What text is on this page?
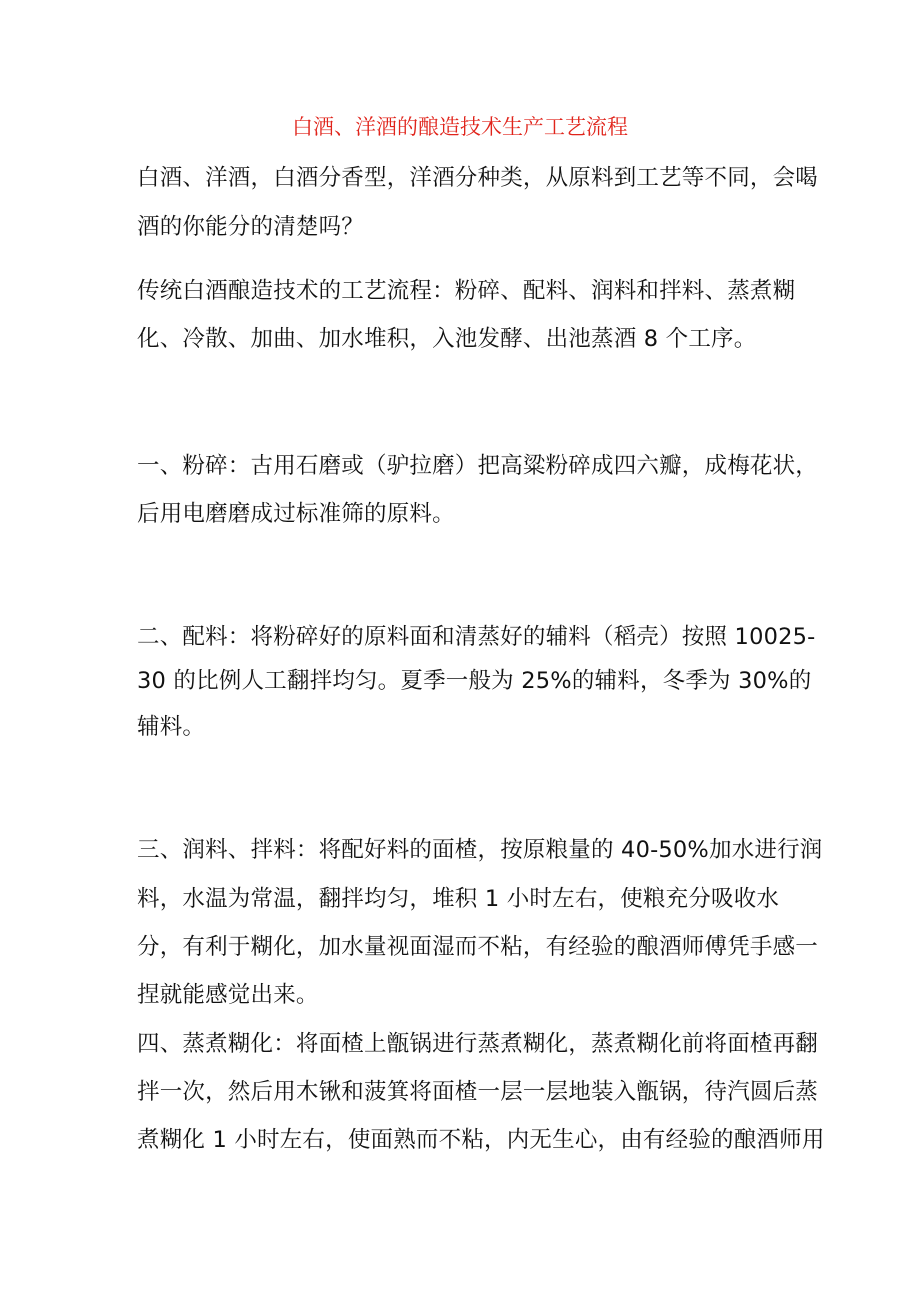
白酒、洋酒的酿造技术生产工艺流程
白酒、洋酒，白酒分香型，洋酒分种类，从原料到工艺等不同，会喝
酒的你能分的清楚吗？
传统白酒酿造技术的工艺流程：粉碎、配料、润料和拌料、蒸煮糊
化、冷散、加曲、加水堆积，入池发酵、出池蒸酒 8 个工序。
一、粉碎：古用石磨或（驴拉磨）把高粱粉碎成四六瓣，成梅花状，
后用电磨磨成过标准筛的原料。
二、配料：将粉碎好的原料面和清蒸好的辅料（稻壳）按照 10025-
30 的比例人工翻拌均匀。夏季一般为 25%的辅料，冬季为 30%的
辅料。
三、润料、拌料：将配好料的面楂，按原粮量的 40-50%加水进行润
料，水温为常温，翻拌均匀，堆积 1 小时左右，使粮充分吸收水
分，有利于糊化，加水量视面湿而不粘，有经验的酿酒师傅凭手感一
捏就能感觉出来。
四、蒸煮糊化：将面楂上甑锅进行蒸煮糊化，蒸煮糊化前将面楂再翻
拌一次，然后用木锹和菠箕将面楂一层一层地装入甑锅，待汽圆后蒸
煮糊化 1 小时左右，使面熟而不粘，内无生心，由有经验的酿酒师用
